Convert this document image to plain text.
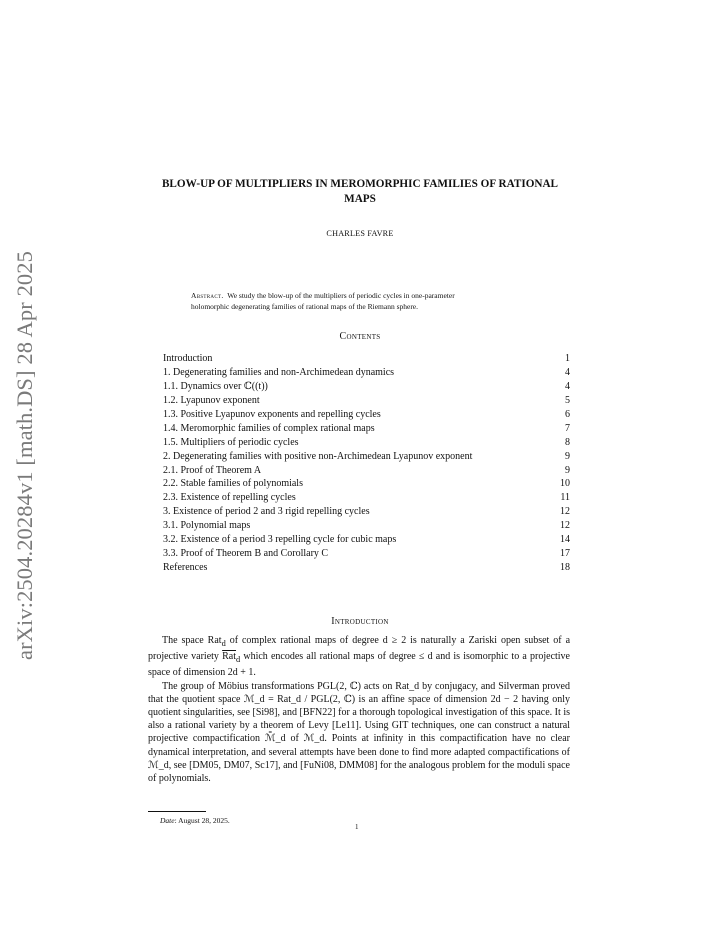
arXiv:2504.20284v1 [math.DS] 28 Apr 2025
BLOW-UP OF MULTIPLIERS IN MEROMORPHIC FAMILIES OF RATIONAL
MAPS
CHARLES FAVRE
Abstract. We study the blow-up of the multipliers of periodic cycles in one-parameter
holomorphic degenerating families of rational maps of the Riemann sphere.
Contents
Introduction	1
1. Degenerating families and non-Archimedean dynamics	4
1.1. Dynamics over ℂ((t))	4
1.2. Lyapunov exponent	5
1.3. Positive Lyapunov exponents and repelling cycles	6
1.4. Meromorphic families of complex rational maps	7
1.5. Multipliers of periodic cycles	8
2. Degenerating families with positive non-Archimedean Lyapunov exponent	9
2.1. Proof of Theorem A	9
2.2. Stable families of polynomials	10
2.3. Existence of repelling cycles	11
3. Existence of period 2 and 3 rigid repelling cycles	12
3.1. Polynomial maps	12
3.2. Existence of a period 3 repelling cycle for cubic maps	14
3.3. Proof of Theorem B and Corollary C	17
References	18
Introduction

The space Rat$_d$ of complex rational maps of degree d ≥ 2 is naturally a Zariski open subset of a projective variety $\overline{Rat}_d$ which encodes all rational maps of degree ≤ d and is isomorphic to a projective space of dimension 2d + 1.

The group of Möbius transformations PGL(2, ℂ) acts on Rat_d by conjugacy, and Silverman proved that the quotient space ℳ_d = Rat_d / PGL(2, ℂ) is an affine space of dimension 2d − 2 having only quotient singularities, see [Si98], and [BFN22] for a thorough topological investigation of this space. It is also a rational variety by a theorem of Levy [Le11]. Using GIT techniques, one can construct a natural projective compactification ℳ̄_d of ℳ_d. Points at infinity in this compactification have no clear dynamical interpretation, and several attempts have been done to find more adapted compactifications of ℳ_d, see [DM05, DM07, Sc17], and [FuNi08, DMM08] for the analogous problem for the moduli space of polynomials.

Date: August 28, 2025.
1
